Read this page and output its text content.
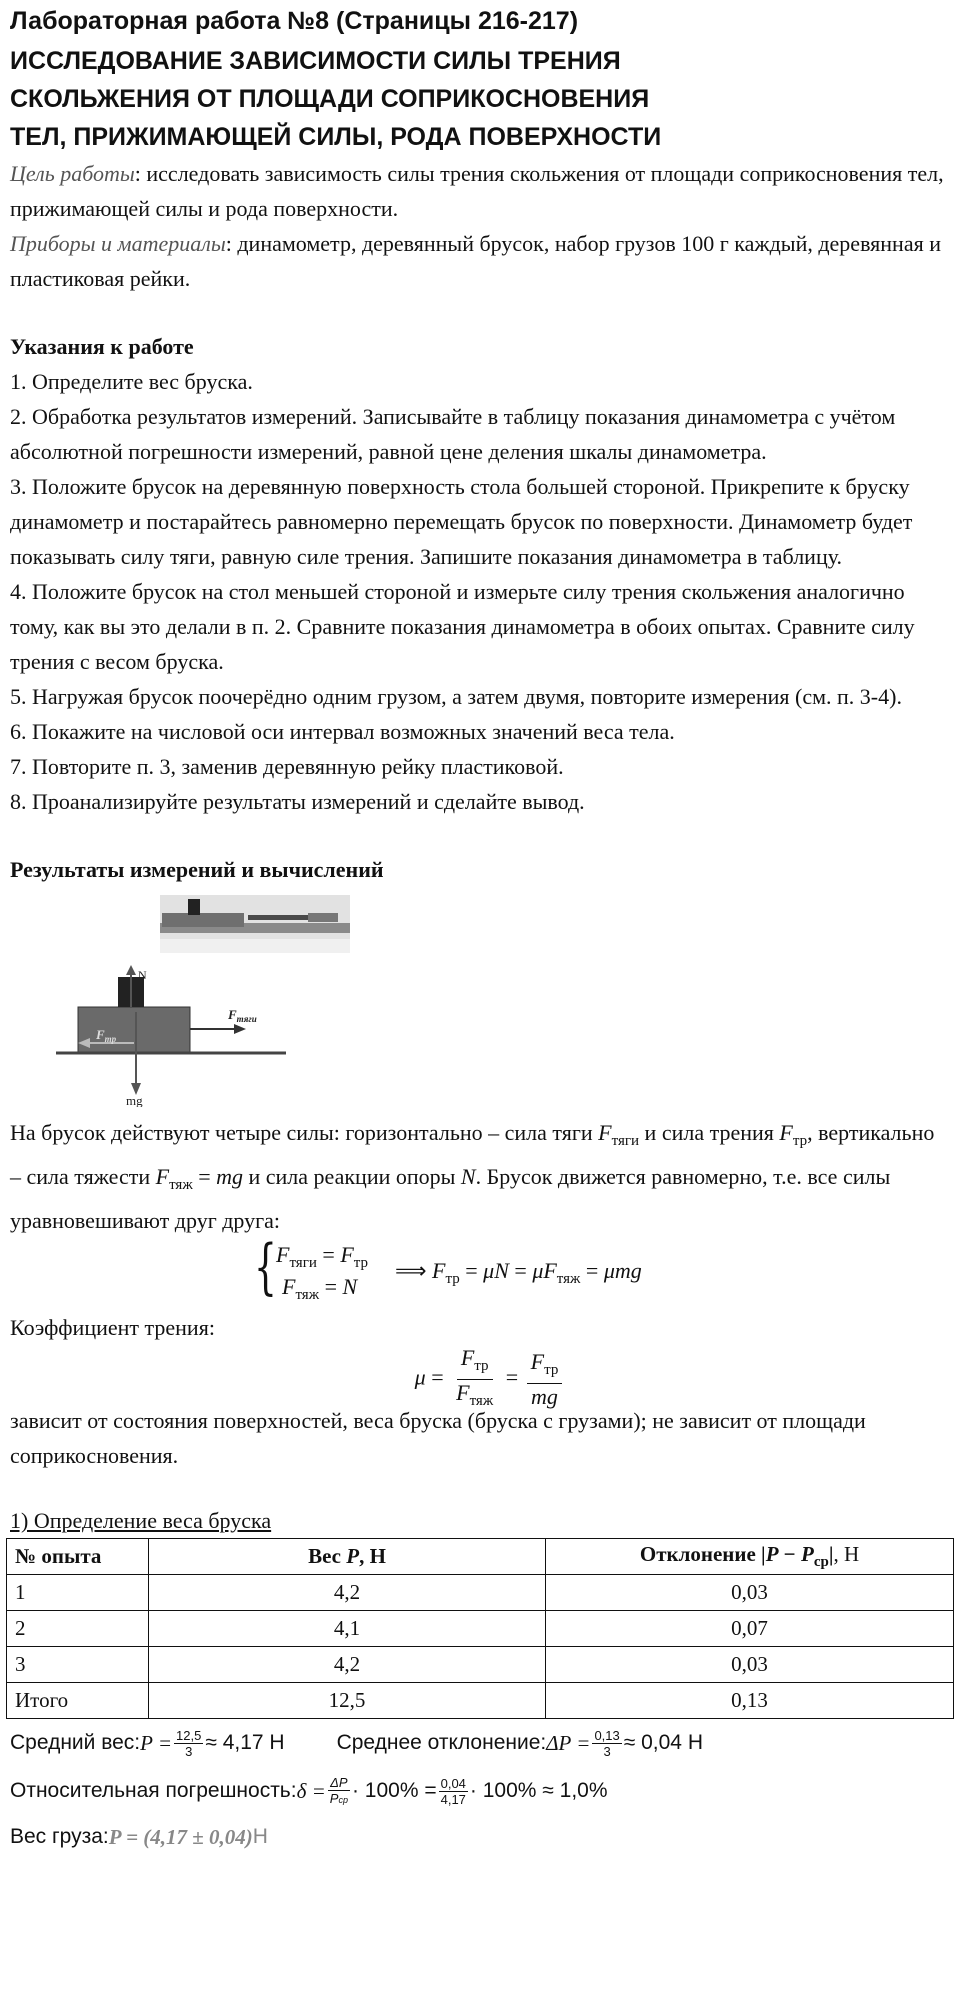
Лабораторная работа №8 (Страницы 216-217)
ИССЛЕДОВАНИЕ ЗАВИСИМОСТИ СИЛЫ ТРЕНИЯ
СКОЛЬЖЕНИЯ ОТ ПЛОЩАДИ СОПРИКОСНОВЕНИЯ
ТЕЛ, ПРИЖИМАЮЩЕЙ СИЛЫ, РОДА ПОВЕРХНОСТИ

Цель работы: исследовать зависимость силы трения скольжения от площади соприкосновения тел, прижимающей силы и рода поверхности.

Приборы и материалы: динамометр, деревянный брусок, набор грузов 100 г каждый, деревянная и пластиковая рейки.

Указания к работе

1. Определите вес бруска.

2. Обработка результатов измерений. Записывайте в таблицу показания динамометра с учётом абсолютной погрешности измерений, равной цене деления шкалы динамометра.

3. Положите брусок на деревянную поверхность стола большей стороной. Прикрепите к бруску динамометр и постарайтесь равномерно перемещать брусок по поверхности. Динамометр будет показывать силу тяги, равную силе трения. Запишите показания динамометра в таблицу.

4. Положите брусок на стол меньшей стороной и измерьте силу трения скольжения аналогично тому, как вы это делали в п. 2. Сравните показания динамометра в обоих опытах. Сравните силу трения с весом бруска.

5. Нагружая брусок поочерёдно одним грузом, а затем двумя, повторите измерения (см. п. 3-4).

6. Покажите на числовой оси интервал возможных значений веса тела.

7. Повторите п. 3, заменив деревянную рейку пластиковой.

8. Проанализируйте результаты измерений и сделайте вывод.

Результаты измерений и вычислений

N
$F_{тяги}$
$F_{тр}$
mg

На брусок действуют четыре силы: горизонтально – сила тяги $F_{тяги}$ и сила трения $F_{тр}$, вертикально – сила тяжести $F_{тяж}$ = mg и сила реакции опоры N. Брусок движется равномерно, т.е. все силы уравновешивают друг друга:

{ $F_{тяги} = F_{тр}$
$F_{тяж} = N$
⟹ $F_{тр} = \mu N = \mu F_{тяж} = \mu mg$

Коэффициент трения:

$\mu = \frac{F_{тр}}{F_{тяж}} = \frac{F_{тр}}{mg}$

зависит от состояния поверхностей, веса бруска (бруска с грузами); не зависит от площади соприкосновения.

1) Определение веса бруска

№ опыта	Вес P, Н	Отклонение $|P - P_{cp}|$, Н
1	4,2	0,03
2	4,1	0,07
3	4,2	0,03
Итого	12,5	0,13
Средний вес: $P = \frac{12,5}{3} \approx 4,17$ Н Среднее отклонение: $\Delta P = \frac{0,13}{3} \approx 0,04$ Н
Относительная погрешность: δ = ΔP
Pcp · $100\% = \frac{0,04}{4,17} \cdot 100\% \approx 1,0\%$
Вес груза: P = (4,17 ± 0,04) Н
